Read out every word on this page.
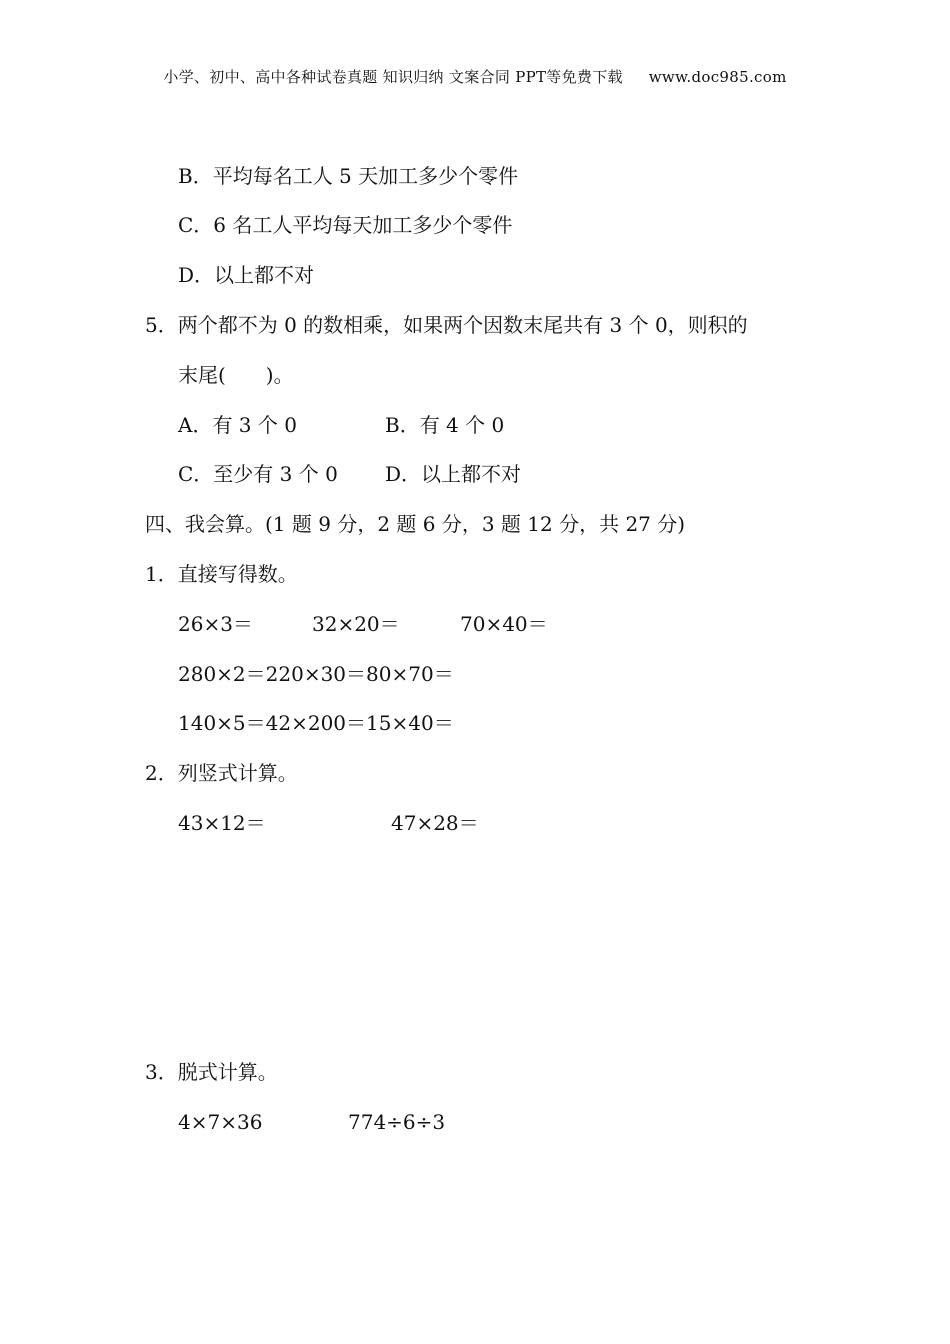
小学、初中、高中各种试卷真题 知识归纳 文案合同 PPT等免费下载 www.doc985.com
B．平均每名工人 5 天加工多少个零件
C．6 名工人平均每天加工多少个零件
D．以上都不对
5．两个都不为 0 的数相乘，如果两个因数末尾共有 3 个 0，则积的
末尾(　　)。
A．有 3 个 0	B．有 4 个 0
C．至少有 3 个 0 D．以上都不对
四、我会算。(1 题 9 分，2 题 6 分，3 题 12 分，共 27 分)
1．直接写得数。
26×3＝	32×20＝	70×40＝
280×2＝220×30＝80×70＝
140×5＝42×200＝15×40＝
2．列竖式计算。
43×12＝	47×28＝
3．脱式计算。
4×7×36	774÷6÷3
